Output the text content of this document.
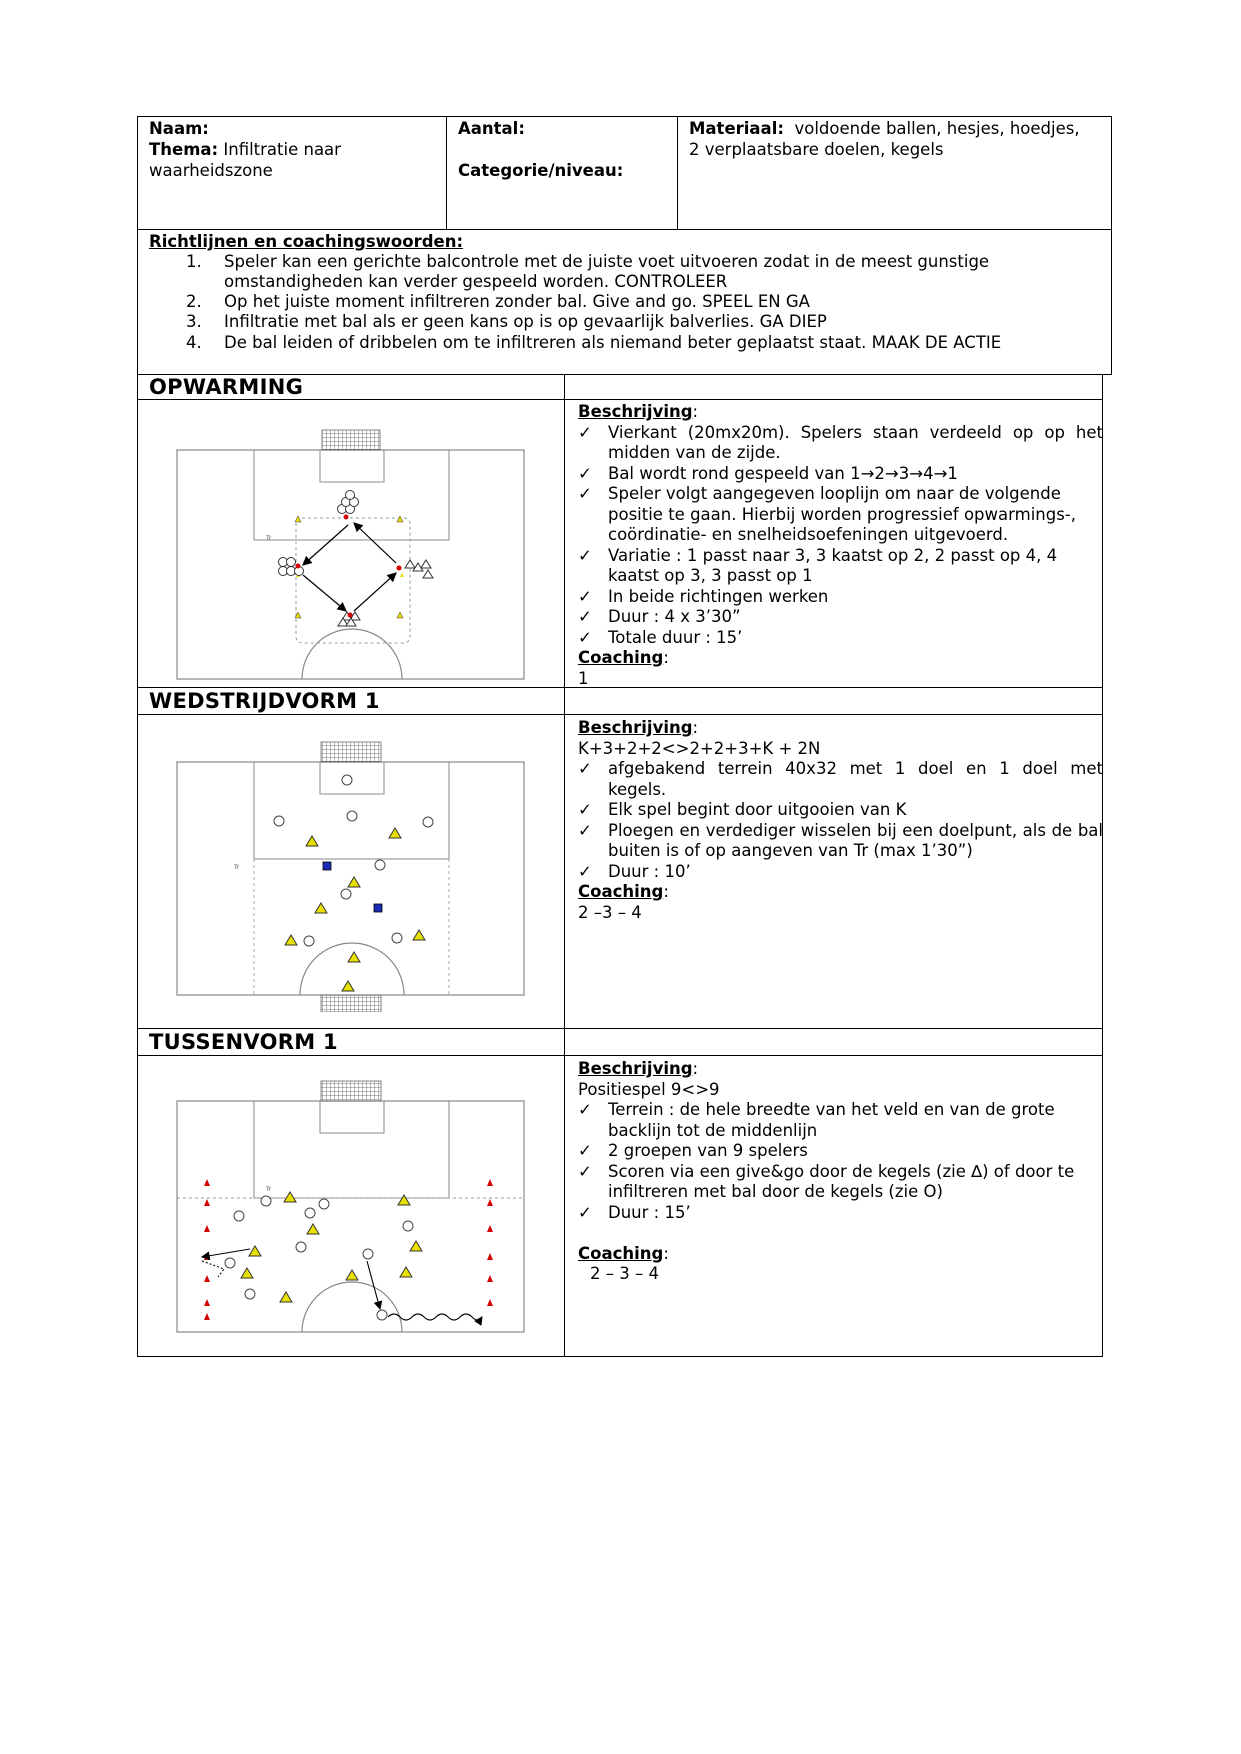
Naam:
Thema: Infiltratie naar
waarheidszone
Aantal:
Categorie/niveau:
Materiaal: voldoende ballen, hesjes, hoedjes,
2 verplaatsbare doelen, kegels
Richtlijnen en coachingswoorden:
1. Speler kan een gerichte balcontrole met de juiste voet uitvoeren zodat in de meest gunstige
omstandigheden kan verder gespeeld worden. CONTROLEER
2. Op het juiste moment infiltreren zonder bal. Give and go. SPEEL EN GA
3. Infiltratie met bal als er geen kans op is op gevaarlijk balverlies. GA DIEP
4. De bal leiden of dribbelen om te infiltreren als niemand beter geplaatst staat. MAAK DE ACTIE
OPWARMING
WEDSTRIJDVORM 1
TUSSENVORM 1
Beschrijving:
✓ Vierkant (20mx20m). Spelers staan verdeeld op op het midden van de zijde.
✓ Bal wordt rond gespeeld van 1→2→3→4→1
✓ Speler volgt aangegeven looplijn om naar de volgende positie te gaan. Hierbij worden progressief opwarmings-, coördinatie- en snelheidsoefeningen uitgevoerd.
✓ Variatie : 1 passt naar 3, 3 kaatst op 2, 2 passt op 4, 4 kaatst op 3, 3 passt op 1
✓ In beide richtingen werken
✓ Duur : 4 x 3’30”
✓ Totale duur : 15’
Coaching:
1
Beschrijving:
K+3+2+2<>2+2+3+K + 2N
✓ afgebakend terrein 40x32 met 1 doel en 1 doel met kegels.
✓ Elk spel begint door uitgooien van K
✓ Ploegen en verdediger wisselen bij een doelpunt, als de bal buiten is of op aangeven van Tr (max 1’30”)
✓ Duur : 10’
Coaching:
2 –3 – 4
Beschrijving:
Positiespel 9<>9
✓ Terrein : de hele breedte van het veld en van de grote backlijn tot de middenlijn
✓ 2 groepen van 9 spelers
✓ Scoren via een give&go door de kegels (zie ∆) of door te infiltreren met bal door de kegels (zie O)
✓ Duur : 15’
Coaching:
2 – 3 – 4
Tr
Tr
Tr
